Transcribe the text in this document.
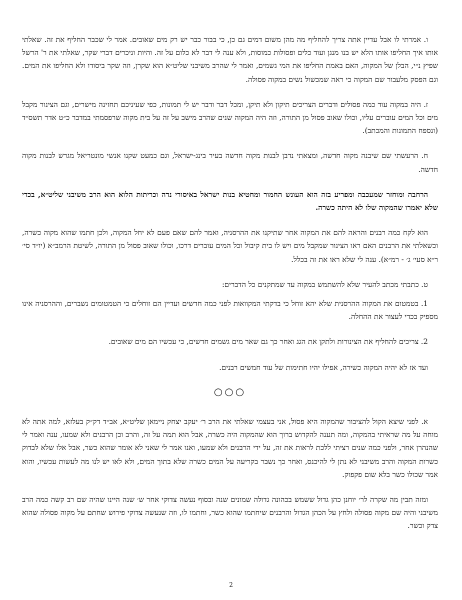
ו. אמרתי לו אבל עדיין אתה צריך להחליף מה מהן משום דמים גם כן, כי בבור כבר יש רק מים שאובים. אמר לי שכבר החליף את זה. שאלתי אותו איך החליפו אותו הלא יש בנו מנגן ועוד כלים ופסולות כמוסות, ולא ענה לי דבר לא כלום על זה. והיות וניכרים דברי שקר, שאלתי את ר' הרשל שפיץ נ״י, הבלן של המקוה, האם באמת החליפו את המי גשמים, ואמר לי שהרב משיבני שליט״א הוא שקרן, וזה שקר ביסודו ולא החליפו את המים. וגם הפסק מלעבור שם המקוה כי ראה שמכשול נשים במקוה פסולה.

ז. היה במקוה עוד כמה פסולים ודברים הצריכים תיקון ולא תיקן, ומכל דבר ודבר יש לי תמונות, כפי שעיניכם תחזינה מישרים, וגם הצינור מקבל מים וכל המים עוברים עליו, וכולו שאוב פסול מן התורה, וזה היה המקוה שנים שהרב מישב על זה על בית מקוה שרפסמתי במדבר כ״ט אדר תשס״ד (ונספח התמונות והמכתב).

ח. הרעשתי שם שיבנה מקוה חדשה, ומצאתי נדבן לבנות מקוה חדשה בעיר בינג-ישראל, וגם כמעט שקנו אנשי מונטריאל מגרש לבנות מקוה חדשה.

הרחבה ומוחזר שמעכבה ומפריע בזה הוא העונש החמור ומחטיא בנות ישראל באיסורי נדה וכריתות הלוא הוא הרב משיבני שליט״א, בכדי שלא יאמרו שהמקוה שלו לא היתה כשרה.

הוא לקח כמה רבנים והראה להם את המקוה אחר שתיקנו את ההרסניה, ואמר להם שאם פעם לא יחל המקוה, ולכן חתמו שהוא מקוה כשרה, וכשאלתי את הרבנים האם ראו הצינור שמקבל מים ויש לו בית קיבול וכל המים עוברים דרכו, וכולו שאוב פסול מן התורה, לשיטת הרמב״א (יו״ד סי׳ ר״א סעי׳ ג׳ - רמ״א). ענה לי שלא ראו את זה בכלל.

ט. כתבתי מכתב להעיר שלא להשתמש במקוה עד שמתקנים כל הדברים:

1. בטמטום את המקוה ההרסנית שלא יהא זוחל כי בדקתי המקוואות לפני כמה חדשים ועדיין הם זוחלים כי הטמטומים נשברים, וההרסניה אינו מספיק בכדי לעצור את ההחלה.

2. צריכים להחליף את הצינורות ולתקן את הגג ואחר כך גם שאר מים גשמים חדשים, כי עכשיו הם מים שאובים.

ועד אז לא יהיה המקוה כשירה, אפילו יהיו חתימות של עוד חמשים רבנים.

○○○

א. לפני שיצא הקול להציבור שהמקוה היא פסול, אני בעצמי שאלתי את הרב ר׳ יעקב יצחק ניימאן שליט״א, אב״ד דק״ק בעלזא, למה אתה לא מוחה על מה שראיתי בהמקוה, ומה תענה להקדוש ברוך הוא שהמקוה היה כשרה, אבל הוא תמה על זה, והרב וכן הרבנים ולא שמעו, ענה ואמר לי שהנהרן אחר, ולפני כמה שנים רציתי ללכת לראות את זה, על ידי הרבנים ולא שמעו, ואנו אמר לי שאני לא אומר שהוא כשר, אבל אלו שלא לבדוק כשרות המקוה והרב משיבני לא נתן לי להיכנס, ואחר כך נשבר בקריעה על המים כשרה שלא בתוך המים, ולא לאו יש לנו מה לעשות עכשיו, והוא אמר שכולו כשר בלא שום פקפוק.

ומזה תבין מה שקרה לר׳ יוחנן כהן גדול ששמש בכהונה גדולה שמונים שנה ובסוף נעשה צדוקי אחר ש׳ שנה היינו שהיה שם רב קשה כמה הרב משיבני והיה שם מקוה פסולה ולחץ על הכהן הגדול והרבנים שיחתמו שהוא כשר, וחתמו לו, וזה שנעשה צדוקי פירוש שחתם על מקוה פסולה שהוא צדק וכשר.

2
